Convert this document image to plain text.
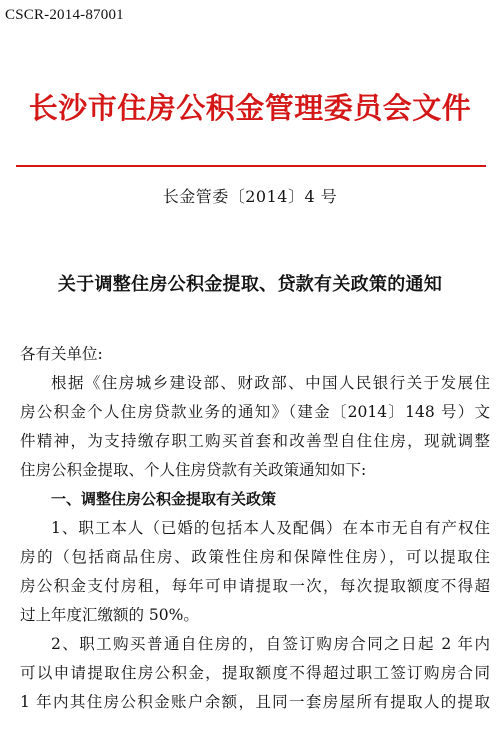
CSCR-2014-87001
长沙市住房公积金管理委员会文件
长金管委〔2014〕4 号
关于调整住房公积金提取、贷款有关政策的通知
各有关单位:
根据《住房城乡建设部、财政部、中国人民银行关于发展住
房公积金个人住房贷款业务的通知》（建金〔2014〕148 号）文
件精神，为支持缴存职工购买首套和改善型自住住房，现就调整
住房公积金提取、个人住房贷款有关政策通知如下:
一、调整住房公积金提取有关政策
1、职工本人（已婚的包括本人及配偶）在本市无自有产权住
房的（包括商品住房、政策性住房和保障性住房），可以提取住
房公积金支付房租，每年可申请提取一次，每次提取额度不得超
过上年度汇缴额的 50%。
2、职工购买普通自住房的，自签订购房合同之日起 2 年内
可以申请提取住房公积金，提取额度不得超过职工签订购房合同
1 年内其住房公积金账户余额，且同一套房屋所有提取人的提取
